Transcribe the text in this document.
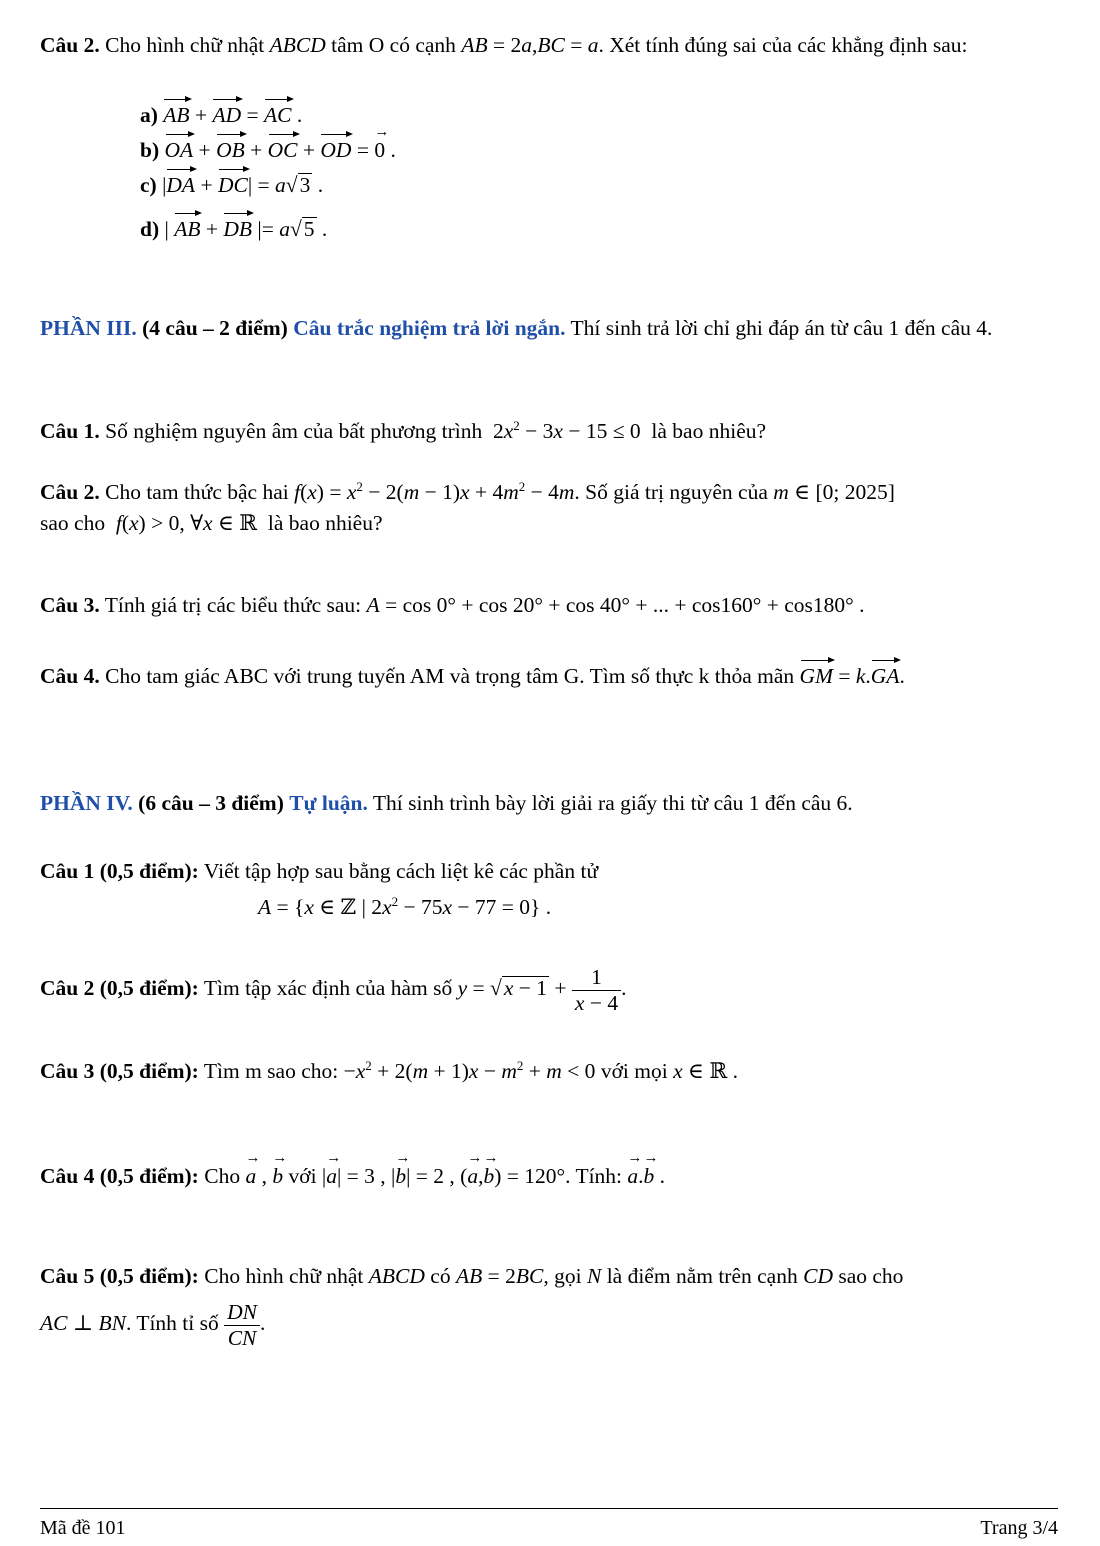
Câu 2. Cho hình chữ nhật ABCD tâm O có cạnh AB = 2a,BC = a. Xét tính đúng sai của các khẳng định sau:
a) AB + AD = AC .
b) OA + OB + OC + OD = 0 → .
c) |DA + DC| = a√3 .
d) | AB + DB |= a√5 .
PHẦN III. (4 câu – 2 điểm) Câu trắc nghiệm trả lời ngắn. Thí sinh trả lời chỉ ghi đáp án từ câu 1 đến câu 4.
Câu 1. Số nghiệm nguyên âm của bất phương trình  $2x^2 - 3x - 15 \le 0$  là bao nhiêu?
Câu 2. Cho tam thức bậc hai $f(x) = x^2 - 2(m - 1)x + 4m^2 - 4m$. Số giá trị nguyên của m ∈ [0; 2025]
sao cho f(x) > 0, ∀x ∈ ℝ  là bao nhiêu?
Câu 3. Tính giá trị các biểu thức sau: A = cos 0° + cos 20° + cos 40° + ... + cos160° + cos180° .
Câu 4. Cho tam giác ABC với trung tuyến AM và trọng tâm G. Tìm số thực k thỏa mãn GM = k.GA.
PHẦN IV. (6 câu – 3 điểm) Tự luận. Thí sinh trình bày lời giải ra giấy thi từ câu 1 đến câu 6.
Câu 1 (0,5 điểm): Viết tập hợp sau bằng cách liệt kê các phần tử
A = {x ∈ ℤ | $2x^2 - 75x - 77 = 0$} .
Câu 2 (0,5 điểm): Tìm tập xác định của hàm số $y = √x - 1 + \frac{1}{x - 4}$ .
Câu 3 (0,5 điểm): Tìm m sao cho: $-x^2 + 2(m + 1)x - m^2 + m < 0$ với mọi x ∈ ℝ .
Câu 4 (0,5 điểm): Cho a → , b → với |a →| = 3 , |b →| = 2 , (a →,b →) = 120°. Tính: a →.b → .
Câu 5 (0,5 điểm): Cho hình chữ nhật ABCD có AB = 2BC, gọi N là điểm nằm trên cạnh CD sao cho
AC ⊥ BN. Tính tỉ số $\frac{DN}{CN}$ .
Mã đề 101	Trang 3/4
